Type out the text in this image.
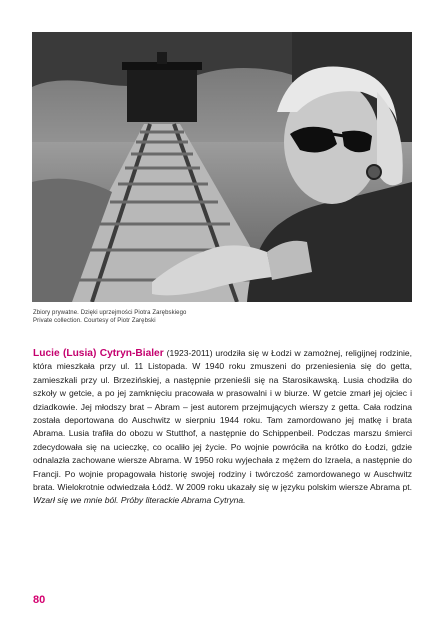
Zbiory prywatne. Dzięki uprzejmości Piotra Zarębskiego
Private collection. Courtesy of Piotr Zarębski
Lucie (Lusia) Cytryn-Bialer (1923-2011) urodziła się w Łodzi w zamożnej, religijnej rodzinie, która mieszkała przy ul. 11 Listopada. W 1940 roku zmuszeni do przeniesienia się do getta, zamieszkali przy ul. Brzezińskiej, a następnie przenieśli się na Starosikawską. Lusia chodziła do szkoły w getcie, a po jej zamknięciu pracowała w prasowalni i w biurze. W getcie zmarł jej ojciec i dziadkowie. Jej młodszy brat – Abram – jest autorem przejmujących wierszy z getta. Cała rodzina została deportowana do Auschwitz w sierpniu 1944 roku. Tam zamordowano jej matkę i brata Abrama. Lusia trafiła do obozu w Stutthof, a następnie do Schippenbeil. Podczas marszu śmierci zdecydowała się na ucieczkę, co ocaliło jej życie. Po wojnie powróciła na krótko do Łodzi, gdzie odnalazła zachowane wiersze Abrama. W 1950 roku wyjechała z mężem do Izraela, a następnie do Francji. Po wojnie propagowała historię swojej rodziny i twórczość zamordowanego w Auschwitz brata. Wielokrotnie odwiedzała Łódź. W 2009 roku ukazały się w języku polskim wiersze Abrama pt. Wzarł się we mnie ból. Próby literackie Abrama Cytryna.
80
